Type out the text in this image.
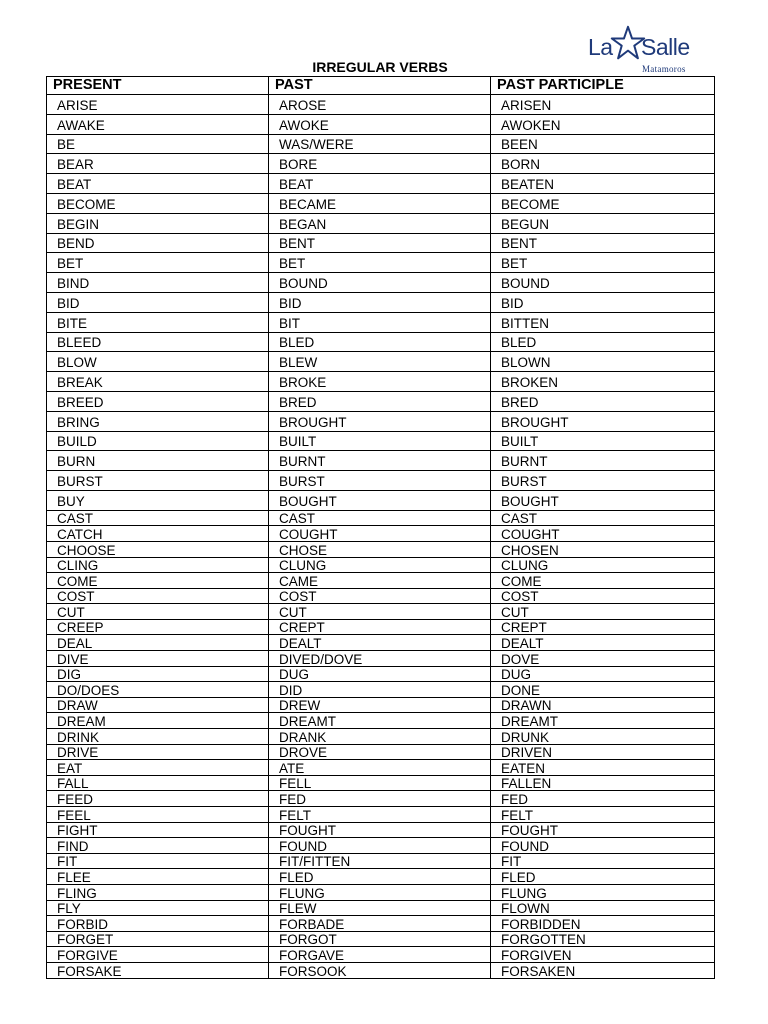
La Salle
Matamoros
IRREGULAR VERBS
PRESENT	PAST	PAST PARTICIPLE
ARISE	AROSE	ARISEN
AWAKE	AWOKE	AWOKEN
BE	WAS/WERE	BEEN
BEAR	BORE	BORN
BEAT	BEAT	BEATEN
BECOME	BECAME	BECOME
BEGIN	BEGAN	BEGUN
BEND	BENT	BENT
BET	BET	BET
BIND	BOUND	BOUND
BID	BID	BID
BITE	BIT	BITTEN
BLEED	BLED	BLED
BLOW	BLEW	BLOWN
BREAK	BROKE	BROKEN
BREED	BRED	BRED
BRING	BROUGHT	BROUGHT
BUILD	BUILT	BUILT
BURN	BURNT	BURNT
BURST	BURST	BURST
BUY	BOUGHT	BOUGHT
CAST	CAST	CAST
CATCH	COUGHT	COUGHT
CHOOSE	CHOSE	CHOSEN
CLING	CLUNG	CLUNG
COME	CAME	COME
COST	COST	COST
CUT	CUT	CUT
CREEP	CREPT	CREPT
DEAL	DEALT	DEALT
DIVE	DIVED/DOVE	DOVE
DIG	DUG	DUG
DO/DOES	DID	DONE
DRAW	DREW	DRAWN
DREAM	DREAMT	DREAMT
DRINK	DRANK	DRUNK
DRIVE	DROVE	DRIVEN
EAT	ATE	EATEN
FALL	FELL	FALLEN
FEED	FED	FED
FEEL	FELT	FELT
FIGHT	FOUGHT	FOUGHT
FIND	FOUND	FOUND
FIT	FIT/FITTEN	FIT
FLEE	FLED	FLED
FLING	FLUNG	FLUNG
FLY	FLEW	FLOWN
FORBID	FORBADE	FORBIDDEN
FORGET	FORGOT	FORGOTTEN
FORGIVE	FORGAVE	FORGIVEN
FORSAKE	FORSOOK	FORSAKEN
